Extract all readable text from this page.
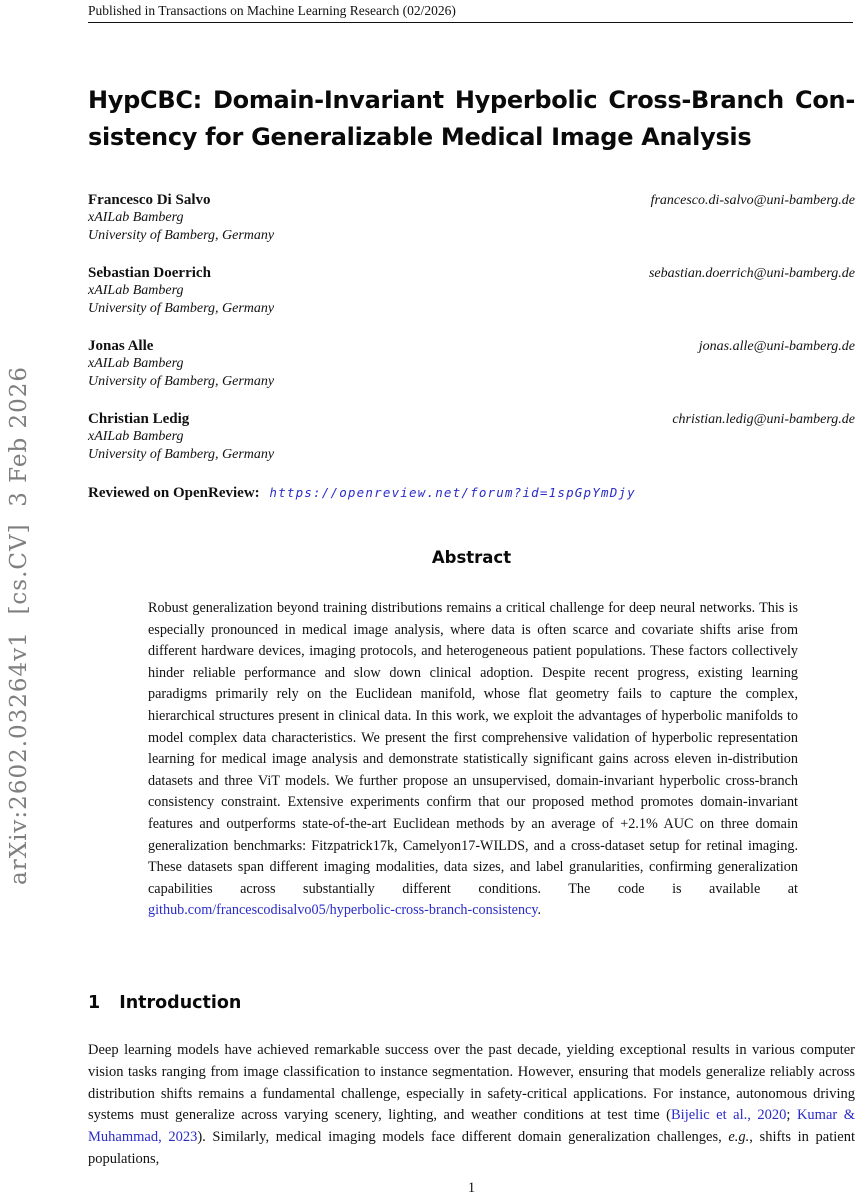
Published in Transactions on Machine Learning Research (02/2026)
arXiv:2602.03264v1  [cs.CV]  3 Feb 2026
HypCBC: Domain-Invariant Hyperbolic Cross-Branch Con-
sistency for Generalizable Medical Image Analysis
Francesco Di Salvo	francesco.di-salvo@uni-bamberg.de
xAILab Bamberg
University of Bamberg, Germany
Sebastian Doerrich	sebastian.doerrich@uni-bamberg.de
xAILab Bamberg
University of Bamberg, Germany
Jonas Alle	jonas.alle@uni-bamberg.de
xAILab Bamberg
University of Bamberg, Germany
Christian Ledig	christian.ledig@uni-bamberg.de
xAILab Bamberg
University of Bamberg, Germany
Reviewed on OpenReview: https://openreview.net/forum?id=1spGpYmDjy
Abstract
Robust generalization beyond training distributions remains a critical challenge for deep neural networks. This is especially pronounced in medical image analysis, where data is often scarce and covariate shifts arise from different hardware devices, imaging protocols, and heterogeneous patient populations. These factors collectively hinder reliable performance and slow down clinical adoption. Despite recent progress, existing learning paradigms primarily rely on the Euclidean manifold, whose flat geometry fails to capture the complex, hierarchical structures present in clinical data. In this work, we exploit the advantages of hyperbolic manifolds to model complex data characteristics. We present the first comprehensive validation of hyperbolic representation learning for medical image analysis and demonstrate statistically significant gains across eleven in-distribution datasets and three ViT models. We further propose an unsupervised, domain-invariant hyperbolic cross-branch consistency constraint. Extensive experiments confirm that our proposed method promotes domain-invariant features and outperforms state-of-the-art Euclidean methods by an average of +2.1% AUC on three domain generalization benchmarks: Fitzpatrick17k, Camelyon17-WILDS, and a cross-dataset setup for retinal imaging. These datasets span different imaging modalities, data sizes, and label granularities, confirming generalization capabilities across substantially different conditions. The code is available at github.com/francescodisalvo05/hyperbolic-cross-branch-consistency.
1 Introduction
Deep learning models have achieved remarkable success over the past decade, yielding exceptional results in various computer vision tasks ranging from image classification to instance segmentation. However, ensuring that models generalize reliably across distribution shifts remains a fundamental challenge, especially in safety-critical applications. For instance, autonomous driving systems must generalize across varying scenery, lighting, and weather conditions at test time (Bijelic et al., 2020; Kumar & Muhammad, 2023). Similarly, medical imaging models face different domain generalization challenges, e.g., shifts in patient populations,
1
